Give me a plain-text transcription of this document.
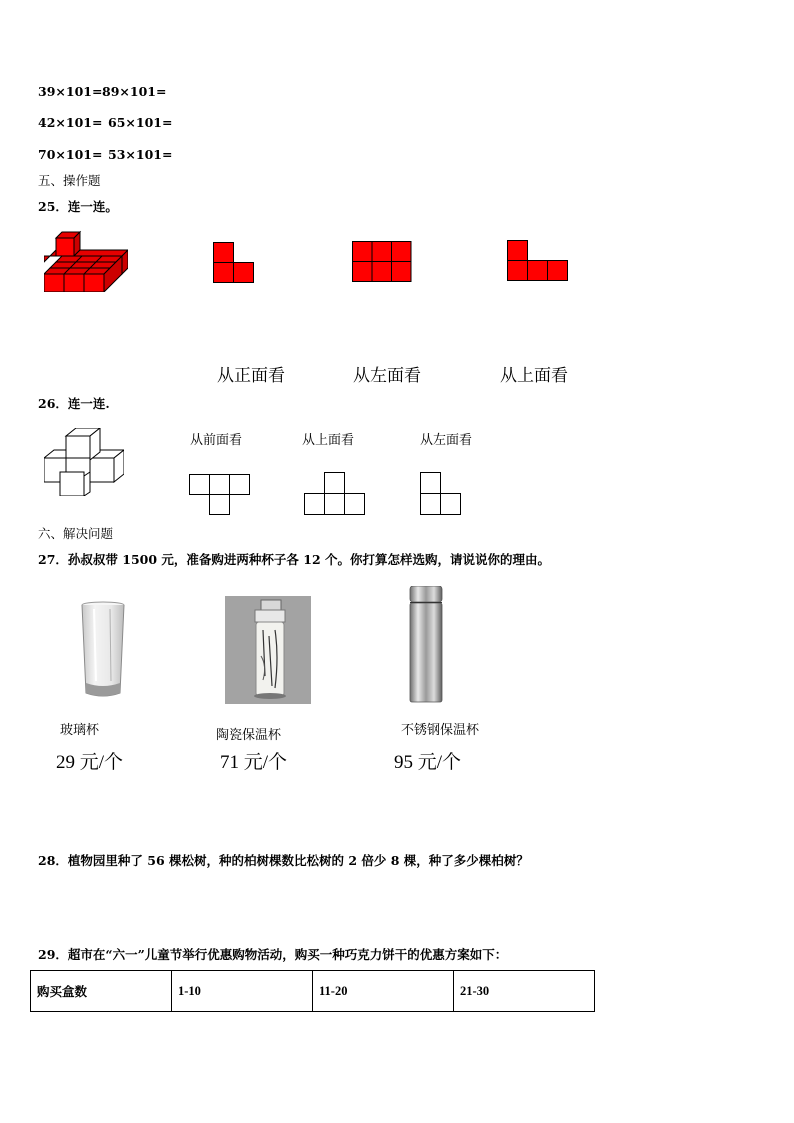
39×101= 89×101=
42×101= 65×101=
70×101= 53×101=
五、操作题
25．连一连。
从正面看	从左面看	从上面看
26．连一连.
从前面看	从上面看	从左面看
六、解决问题
27．孙叔叔带 1500 元，准备购进两种杯子各 12 个。你打算怎样选购，请说说你的理由。
玻璃杯	陶瓷保温杯	不锈钢保温杯
29 元/个	71 元/个	95 元/个
28．植物园里种了 56 棵松树，种的柏树棵数比松树的 2 倍少 8 棵，种了多少棵柏树？
29．超市在“六一”儿童节举行优惠购物活动，购买一种巧克力饼干的优惠方案如下：
购买盒数	1-10	11-20	21-30
